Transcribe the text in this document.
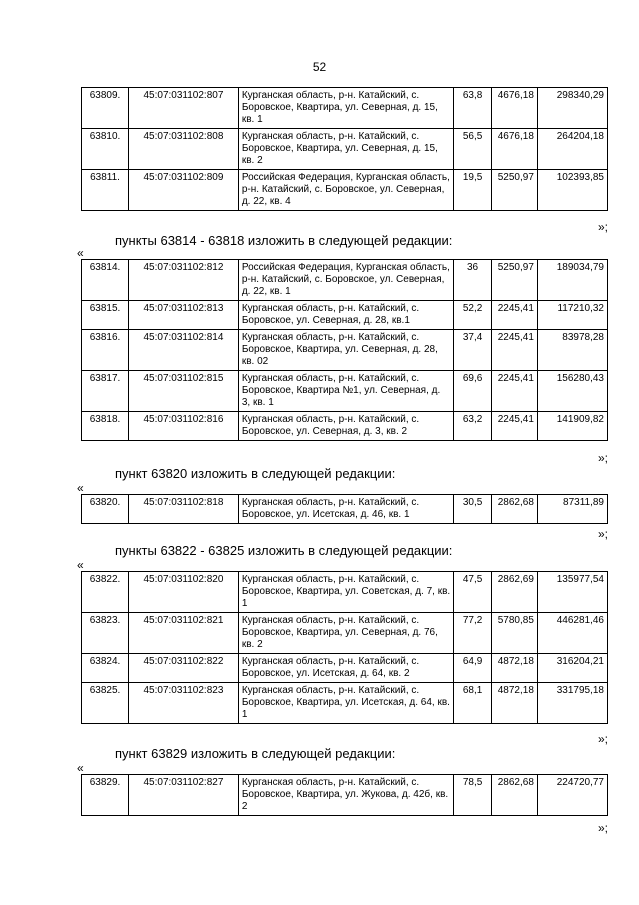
52
63809.	45:07:031102:807	Курганская область, р-н. Катайский, с. Боровское, Квартира, ул. Северная, д. 15, кв. 1	63,8	4676,18	298340,29
63810.	45:07:031102:808	Курганская область, р-н. Катайский, с. Боровское, Квартира, ул. Северная, д. 15, кв. 2	56,5	4676,18	264204,18
63811.	45:07:031102:809	Российская Федерация, Курганская область, р-н. Катайский, с. Боровское, ул. Северная, д. 22, кв. 4	19,5	5250,97	102393,85
»;
пункты 63814 - 63818 изложить в следующей редакции:
«
63814.	45:07:031102:812	Российская Федерация, Курганская область, р-н. Катайский, с. Боровское, ул. Северная, д. 22, кв. 1	36	5250,97	189034,79
63815.	45:07:031102:813	Курганская область, р-н. Катайский, с. Боровское, ул. Северная, д. 28, кв.1	52,2	2245,41	117210,32
63816.	45:07:031102:814	Курганская область, р-н. Катайский, с. Боровское, Квартира, ул. Северная, д. 28, кв. 02	37,4	2245,41	83978,28
63817.	45:07:031102:815	Курганская область, р-н. Катайский, с. Боровское, Квартира №1, ул. Северная, д. 3, кв. 1	69,6	2245,41	156280,43
63818.	45:07:031102:816	Курганская область, р-н. Катайский, с. Боровское, ул. Северная, д. 3, кв. 2	63,2	2245,41	141909,82
»;
пункт 63820 изложить в следующей редакции:
«
63820.	45:07:031102:818	Курганская область, р-н. Катайский, с. Боровское, ул. Исетская, д. 46, кв. 1	30,5	2862,68	87311,89
»;
пункты 63822 - 63825 изложить в следующей редакции:
«
63822.	45:07:031102:820	Курганская область, р-н. Катайский, с. Боровское, Квартира, ул. Советская, д. 7, кв. 1	47,5	2862,69	135977,54
63823.	45:07:031102:821	Курганская область, р-н. Катайский, с. Боровское, Квартира, ул. Северная, д. 76, кв. 2	77,2	5780,85	446281,46
63824.	45:07:031102:822	Курганская область, р-н. Катайский, с. Боровское, ул. Исетская, д. 64, кв. 2	64,9	4872,18	316204,21
63825.	45:07:031102:823	Курганская область, р-н. Катайский, с. Боровское, Квартира, ул. Исетская, д. 64, кв. 1	68,1	4872,18	331795,18
»;
пункт 63829 изложить в следующей редакции:
«
63829.	45:07:031102:827	Курганская область, р-н. Катайский, с. Боровское, Квартира, ул. Жукова, д. 42б, кв. 2	78,5	2862,68	224720,77
»;
